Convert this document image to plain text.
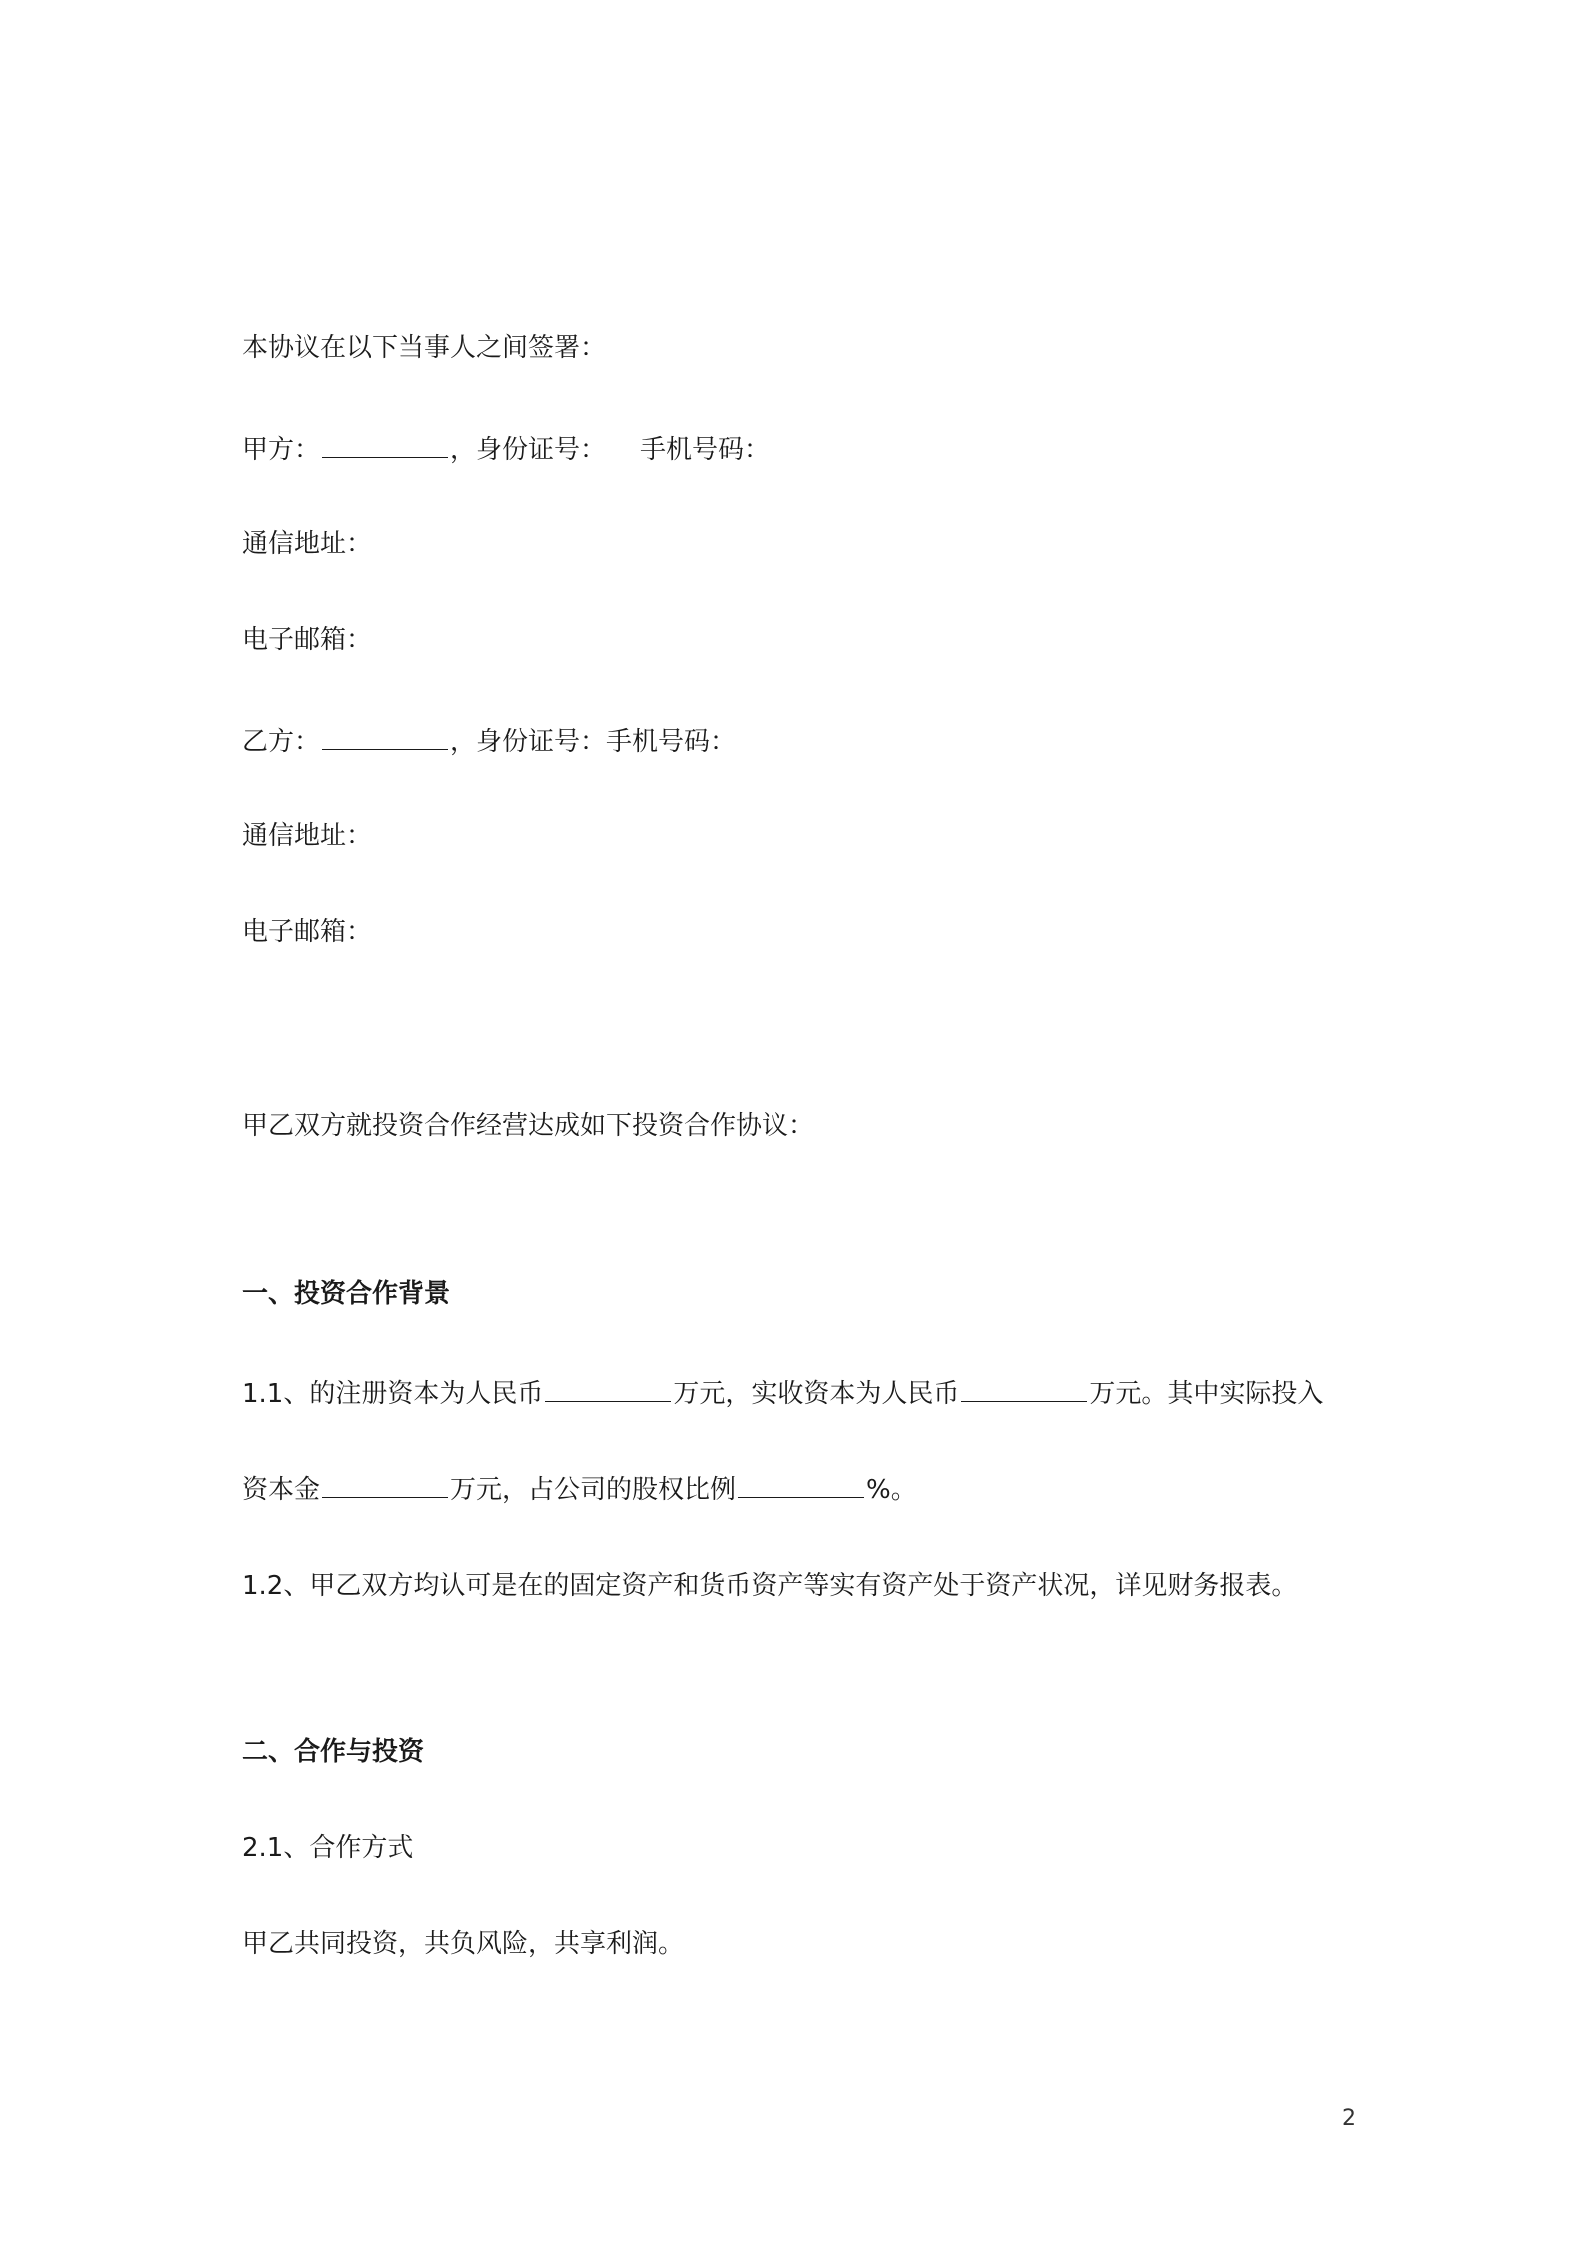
本协议在以下当事人之间签署：
甲方：	，身份证号： 手机号码：
通信地址：
电子邮箱：
乙方：	，身份证号： 手机号码：
通信地址：
电子邮箱：
甲乙双方就投资合作经营达成如下投资合作协议：
一、投资合作背景
1.1、的注册资本为人民币	万元，实收资本为人民币	万元。其中实际投入
资本金	万元，占公司的股权比例	%。
1.2、甲乙双方均认可是在的固定资产和货币资产等实有资产处于资产状况，详见财务报表。
二、合作与投资
2.1、合作方式
甲乙共同投资，共负风险，共享利润。
2
